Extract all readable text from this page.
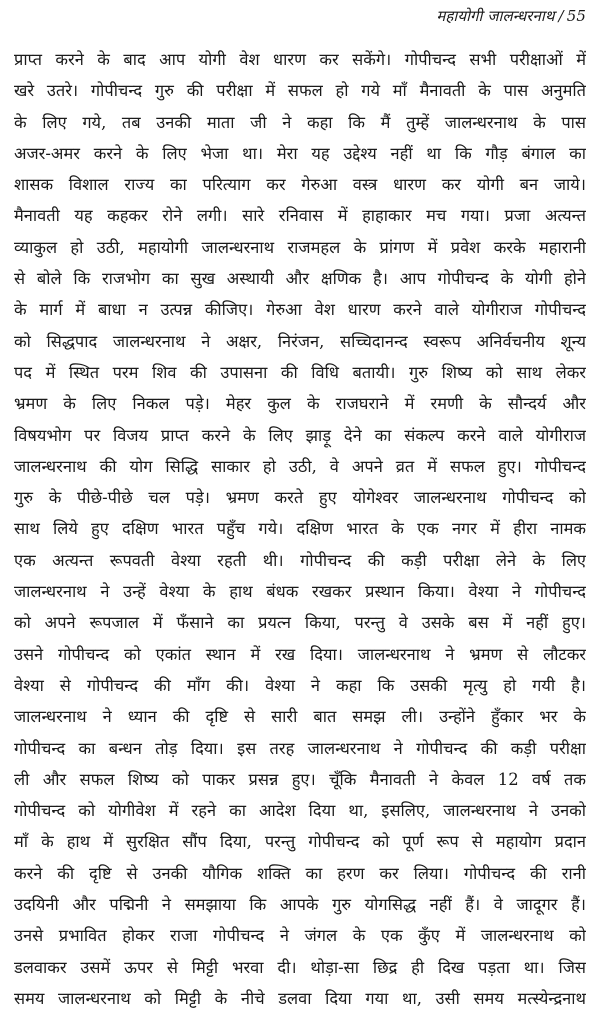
महायोगी जालन्धरनाथ / 55
प्राप्त करने के बाद आप योगी वेश धारण कर सकेंगे। गोपीचन्द सभी परीक्षाओं में
खरे उतरे। गोपीचन्द गुरु की परीक्षा में सफल हो गये माँ मैनावती के पास अनुमति
के लिए गये, तब उनकी माता जी ने कहा कि मैं तुम्हें जालन्धरनाथ के पास
अजर-अमर करने के लिए भेजा था। मेरा यह उद्देश्य नहीं था कि गौड़ बंगाल का
शासक विशाल राज्य का परित्याग कर गेरुआ वस्त्र धारण कर योगी बन जाये।
मैनावती यह कहकर रोने लगी। सारे रनिवास में हाहाकार मच गया। प्रजा अत्यन्त
व्याकुल हो उठी, महायोगी जालन्धरनाथ राजमहल के प्रांगण में प्रवेश करके महारानी
से बोले कि राजभोग का सुख अस्थायी और क्षणिक है। आप गोपीचन्द के योगी होने
के मार्ग में बाधा न उत्पन्न कीजिए। गेरुआ वेश धारण करने वाले योगीराज गोपीचन्द
को सिद्धपाद जालन्धरनाथ ने अक्षर, निरंजन, सच्चिदानन्द स्वरूप अनिर्वचनीय शून्य
पद में स्थित परम शिव की उपासना की विधि बतायी। गुरु शिष्य को साथ लेकर
भ्रमण के लिए निकल पड़े। मेहर कुल के राजघराने में रमणी के सौन्दर्य और
विषयभोग पर विजय प्राप्त करने के लिए झाड़ू देने का संकल्प करने वाले योगीराज
जालन्धरनाथ की योग सिद्धि साकार हो उठी, वे अपने व्रत में सफल हुए। गोपीचन्द
गुरु के पीछे-पीछे चल पड़े। भ्रमण करते हुए योगेश्वर जालन्धरनाथ गोपीचन्द को
साथ लिये हुए दक्षिण भारत पहुँच गये। दक्षिण भारत के एक नगर में हीरा नामक
एक अत्यन्त रूपवती वेश्या रहती थी। गोपीचन्द की कड़ी परीक्षा लेने के लिए
जालन्धरनाथ ने उन्हें वेश्या के हाथ बंधक रखकर प्रस्थान किया। वेश्या ने गोपीचन्द
को अपने रूपजाल में फँसाने का प्रयत्न किया, परन्तु वे उसके बस में नहीं हुए।
उसने गोपीचन्द को एकांत स्थान में रख दिया। जालन्धरनाथ ने भ्रमण से लौटकर
वेश्या से गोपीचन्द की माँग की। वेश्या ने कहा कि उसकी मृत्यु हो गयी है।
जालन्धरनाथ ने ध्यान की दृष्टि से सारी बात समझ ली। उन्होंने हुँकार भर के
गोपीचन्द का बन्धन तोड़ दिया। इस तरह जालन्धरनाथ ने गोपीचन्द की कड़ी परीक्षा
ली और सफल शिष्य को पाकर प्रसन्न हुए। चूँकि मैनावती ने केवल 12 वर्ष तक
गोपीचन्द को योगीवेश में रहने का आदेश दिया था, इसलिए, जालन्धरनाथ ने उनको
माँ के हाथ में सुरक्षित सौंप दिया, परन्तु गोपीचन्द को पूर्ण रूप से महायोग प्रदान
करने की दृष्टि से उनकी यौगिक शक्ति का हरण कर लिया। गोपीचन्द की रानी
उदयिनी और पद्मिनी ने समझाया कि आपके गुरु योगसिद्ध नहीं हैं। वे जादूगर हैं।
उनसे प्रभावित होकर राजा गोपीचन्द ने जंगल के एक कुँए में जालन्धरनाथ को
डलवाकर उसमें ऊपर से मिट्टी भरवा दी। थोड़ा-सा छिद्र ही दिख पड़ता था। जिस
समय जालन्धरनाथ को मिट्टी के नीचे डलवा दिया गया था, उसी समय मत्स्येन्द्रनाथ
